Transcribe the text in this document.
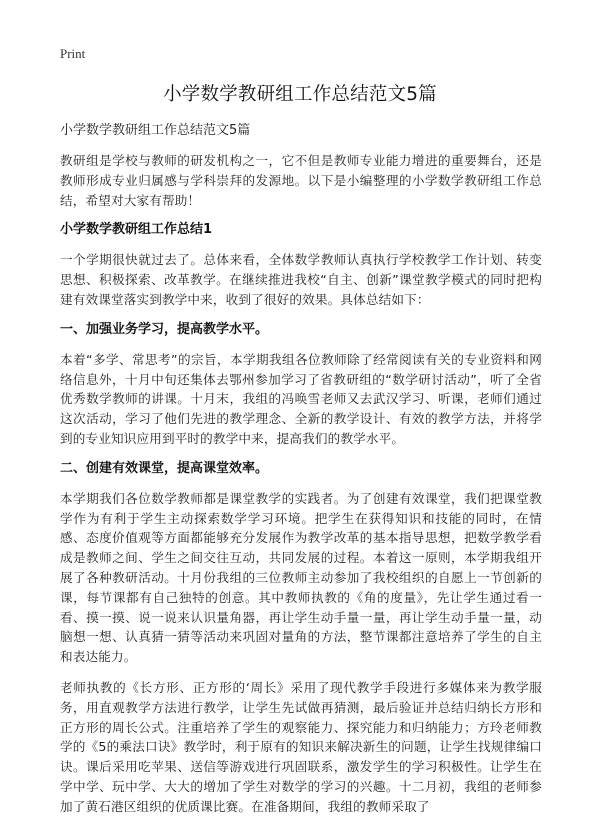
Print
小学数学教研组工作总结范文5篇
小学数学教研组工作总结范文5篇

教研组是学校与教师的研发机构之一，它不但是教师专业能力增进的重要舞台，还是教师形成专业归属感与学科崇拜的发源地。以下是小编整理的小学数学教研组工作总结，希望对大家有帮助！

小学数学教研组工作总结1

一个学期很快就过去了。总体来看，全体数学教师认真执行学校教学工作计划、转变思想、积极探索、改革教学。在继续推进我校“自主、创新”课堂教学模式的同时把构建有效课堂落实到教学中来，收到了很好的效果。具体总结如下：

一、加强业务学习，提高教学水平。

本着“多学、常思考”的宗旨，本学期我组各位教师除了经常阅读有关的专业资料和网络信息外，十月中旬还集体去鄂州参加学习了省教研组的“数学研讨活动”，听了全省优秀数学教师的讲课。十月末，我组的冯唤雪老师又去武汉学习、听课，老师们通过这次活动，学习了他们先进的教学理念、全新的教学设计、有效的教学方法，并将学到的专业知识应用到平时的教学中来，提高我们的教学水平。

二、创建有效课堂，提高课堂效率。

本学期我们各位数学教师都是课堂教学的实践者。为了创建有效课堂，我们把课堂教学作为有利于学生主动探索数学学习环境。把学生在获得知识和技能的同时，在情感、态度价值观等方面都能够充分发展作为教学改革的基本指导思想，把数学教学看成是教师之间、学生之间交往互动，共同发展的过程。本着这一原则，本学期我组开展了各种教研活动。十月份我组的三位教师主动参加了我校组织的自愿上一节创新的课，每节课都有自己独特的创意。其中教师执教的《角的度量》，先让学生通过看一看、摸一摸、说一说来认识量角器，再让学生动手量一量，再让学生动手量一量，动脑想一想、认真猜一猜等活动来巩固对量角的方法，整节课都注意培养了学生的自主和表达能力。

老师执教的《长方形、正方形的‘周长》采用了现代教学手段进行多媒体来为教学服务，用直观教学方法进行教学，让学生先试做再猜测，最后验证并总结归纳长方形和正方形的周长公式。注重培养了学生的观察能力、探究能力和归纳能力；方玲老师教学的《5的乘法口诀》教学时，利于原有的知识来解决新生的问题，让学生找规律编口诀。课后采用吃苹果、送信等游戏进行巩固联系，激发学生的学习积极性。让学生在学中学、玩中学、大大的增加了学生对数学的学习的兴趣。十二月初，我组的老师参加了黄石港区组织的优质课比赛。在准备期间，我组的教师采取了
